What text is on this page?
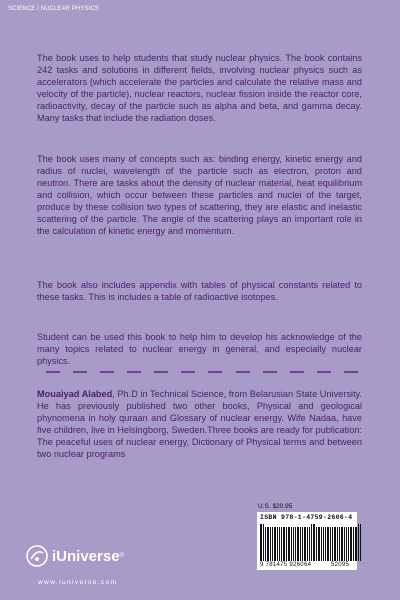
SCIENCE / NUCLEAR PHYSICS
The book uses to help students that study nuclear physics. The book contains 242 tasks and solutions in different fields, involving nuclear physics such as accelerators (which accelerate the particles and calculate the relative mass and velocity of the particle), nuclear reactors, nuclear fission inside the reactor core, radioactivity, decay of the particle such as alpha and beta, and gamma decay. Many tasks that include the radiation doses.
The book uses many of concepts such as: binding energy, kinetic energy and radius of nuclei, wavelength of the particle such as electron, proton and neutron. There are tasks about the density of nuclear material, heat equilibrium and collision, which occur between these particles and nuclei of the target, produce by these collision two types of scattering, they are elastic and inelastic scattering of the particle. The angle of the scattering plays an important role in the calculation of kinetic energy and momentum.
The book also includes appendix with tables of physical constants related to these tasks. This is includes a table of radioactive isotopes.
Student can be used this book to help him to develop his acknowledge of the many topics related to nuclear energy in general, and especially nuclear physics.
Mouaiyad Alabed, Ph.D in Technical Science, from Belarusian State University. He has previously published two other books, Physical and geological phynomena in holy quraan and Glossary of nuclear energy. Wife Nadaa, have five children, live in Helsingborg, Sweden.Three books are ready for publication: The peaceful uses of nuclear energy, Dictionary of Physical terms and between two nuclear programs
U.S. $20.95
ISBN 978-1-4759-2606-4
9 781475 926064	52095
iUniverse ®
www.iuniverse.com
